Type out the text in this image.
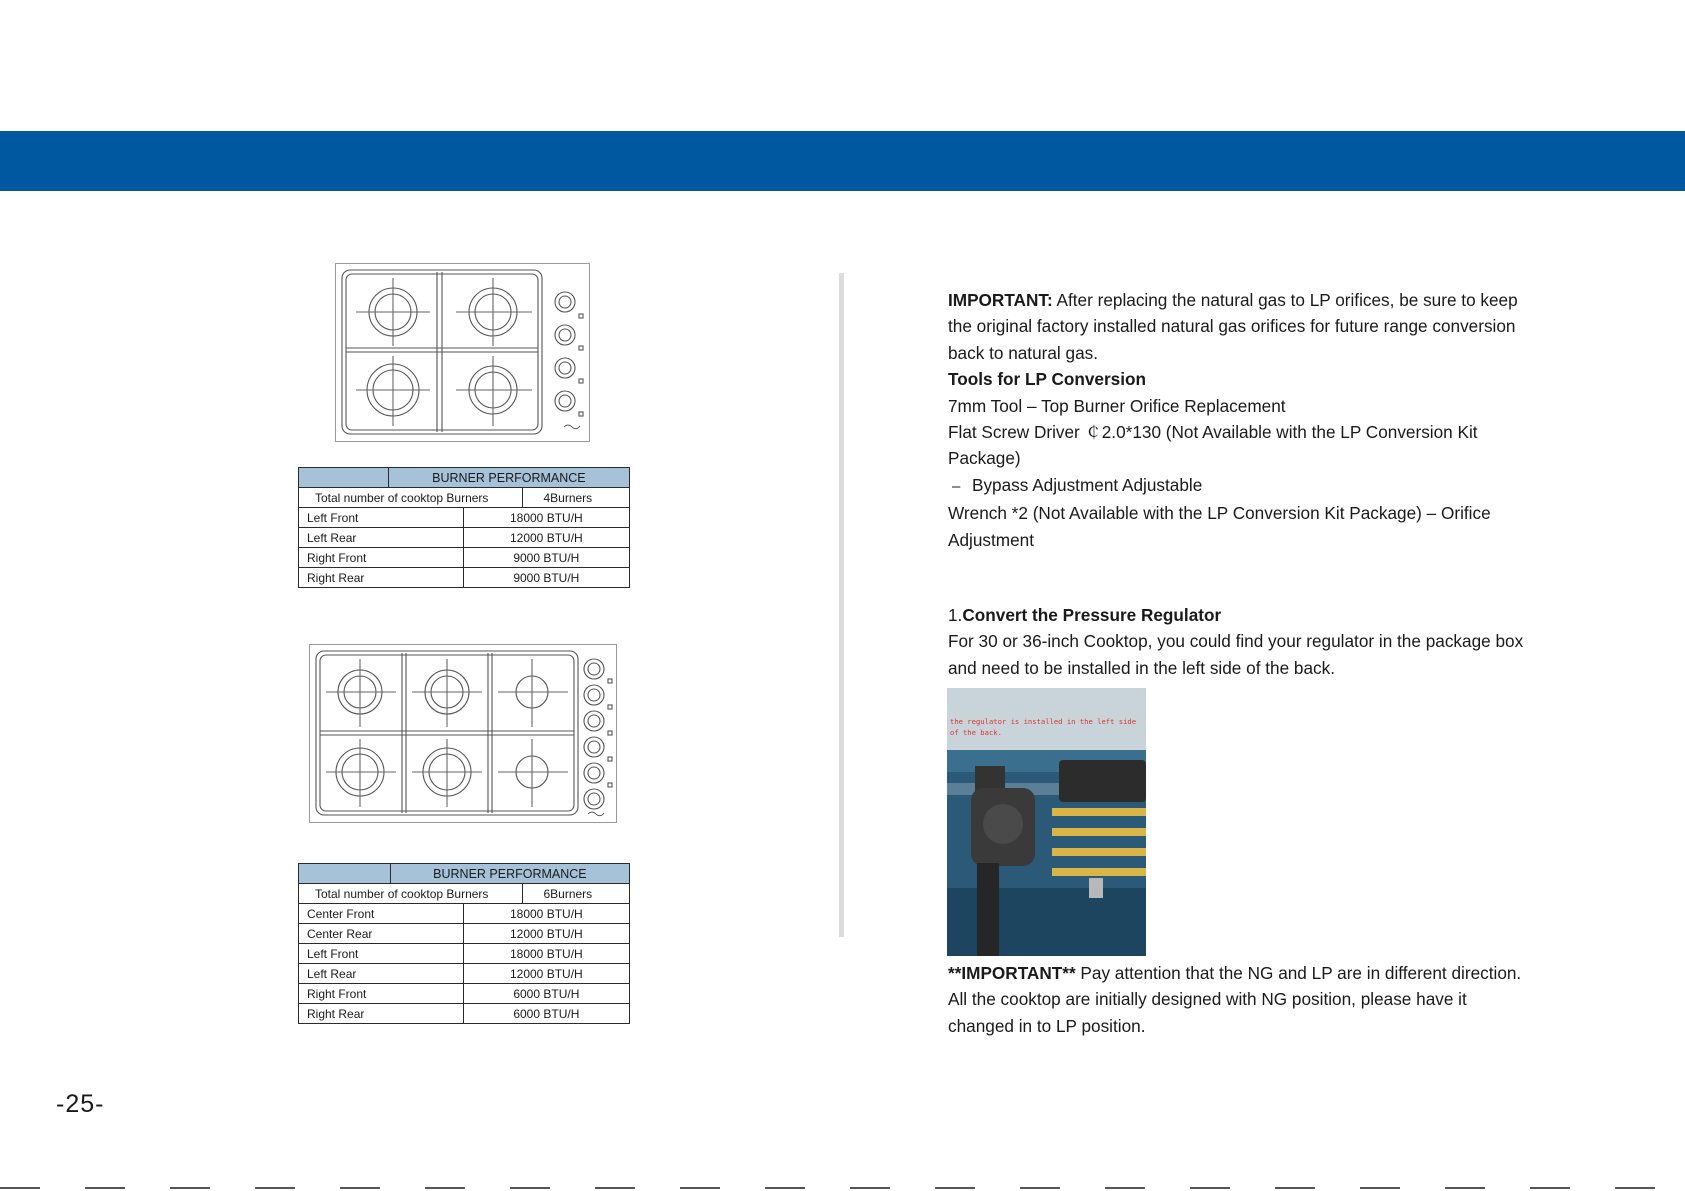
	BURNER PERFORMANCE		
Total number of cooktop Burners			4Burners
Left Front		18000 BTU/H	
Left Rear		12000 BTU/H	
Right Front		9000 BTU/H	
Right Rear		9000 BTU/H	
	BURNER PERFORMANCE		
Total number of cooktop Burners			6Burners
Center Front		18000 BTU/H	
Center Rear		12000 BTU/H	
Left Front		18000 BTU/H	
Left Rear		12000 BTU/H	
Right Front		6000 BTU/H	
Right Rear		6000 BTU/H	

IMPORTANT: After replacing the natural gas to LP orifices, be sure to keep the original factory installed natural gas orifices for future range conversion

back to natural gas.

Tools for LP Conversion

7mm Tool – Top Burner Orifice Replacement

Flat Screw Driver ￠2.0*130 (Not Available with the LP Conversion Kit Package)

– Bypass Adjustment Adjustable

Wrench *2 (Not Available with the LP Conversion Kit Package) – Orifice Adjustment

1.Convert the Pressure Regulator

For 30 or 36-inch Cooktop, you could find your regulator in the package box and need to be installed in the left side of the back.

the regulator is installed in the left side of the back.

**IMPORTANT** Pay attention that the NG and LP are in different direction. All the cooktop are initially designed with NG position, please have it changed in to LP position.

-25-
